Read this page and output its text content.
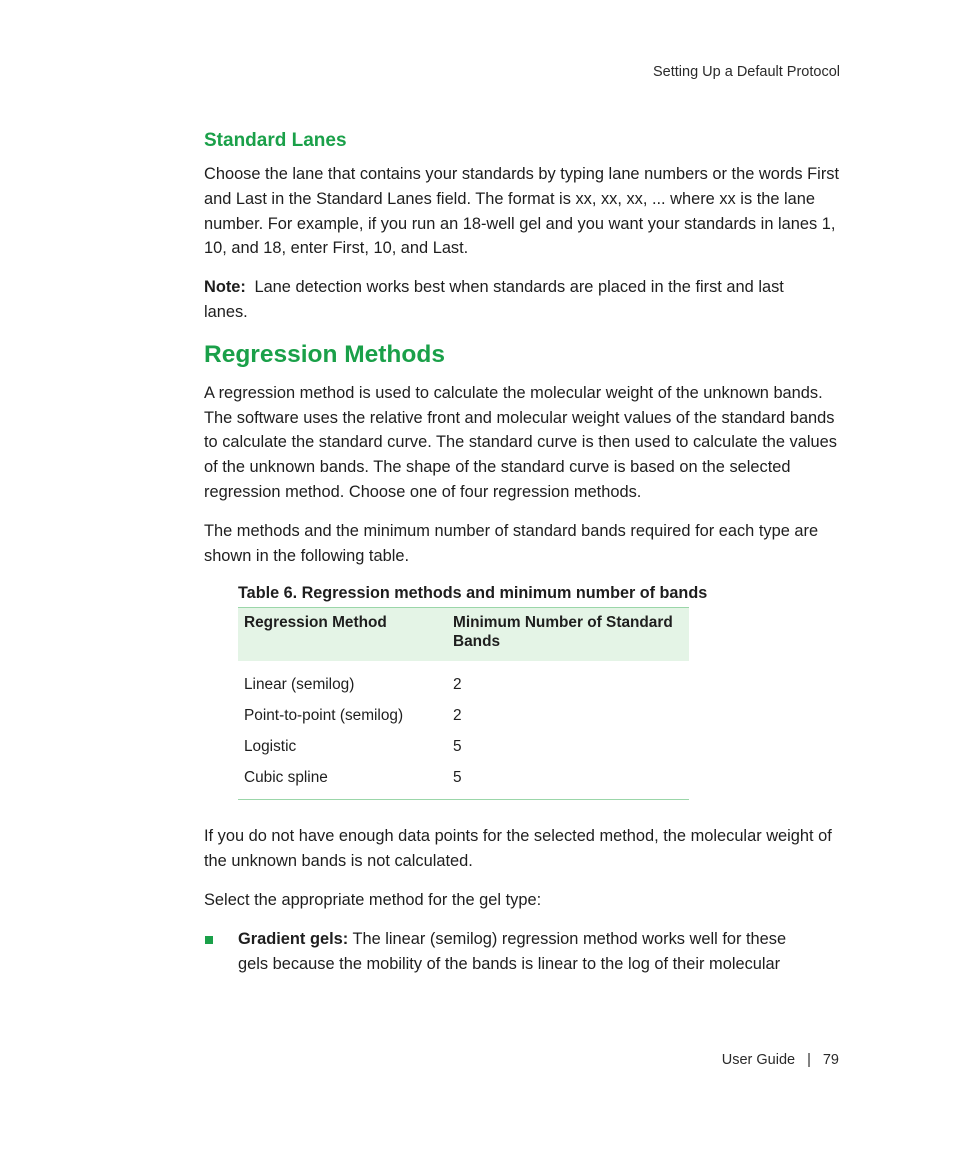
Setting Up a Default Protocol
Standard Lanes

Choose the lane that contains your standards by typing lane numbers or the words First and Last in the Standard Lanes field. The format is xx, xx, xx, ... where xx is the lane number. For example, if you run an 18-well gel and you want your standards in lanes 1, 10, and 18, enter First, 10, and Last.

Note: Lane detection works best when standards are placed in the first and last lanes.

Regression Methods

A regression method is used to calculate the molecular weight of the unknown bands. The software uses the relative front and molecular weight values of the standard bands to calculate the standard curve. The standard curve is then used to calculate the values of the unknown bands. The shape of the standard curve is based on the selected regression method. Choose one of four regression methods.

The methods and the minimum number of standard bands required for each type are shown in the following table.

Table 6. Regression methods and minimum number of bands
Regression Method	Minimum Number of Standard Bands
Linear (semilog)	2
Point-to-point (semilog)	2
Logistic	5
Cubic spline	5

If you do not have enough data points for the selected method, the molecular weight of the unknown bands is not calculated.

Select the appropriate method for the gel type:

Gradient gels: The linear (semilog) regression method works well for these gels because the mobility of the bands is linear to the log of their molecular
User Guide | 79
